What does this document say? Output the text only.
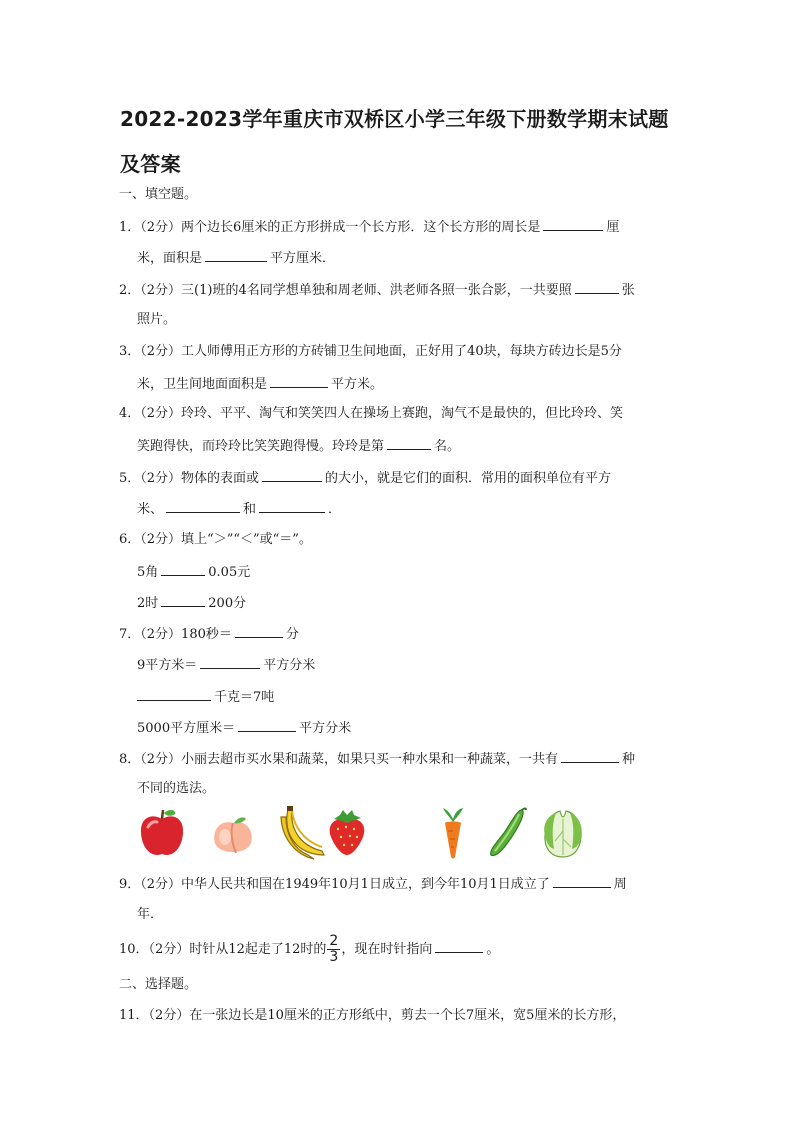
2022-2023学年重庆市双桥区小学三年级下册数学期末试题
及答案
一、填空题。
1．（2分）两个边长6厘米的正方形拼成一个长方形．这个长方形的周长是	厘
米，面积是	平方厘米．
2．（2分）三(1)班的4名同学想单独和周老师、洪老师各照一张合影，一共要照	张
照片。
3．（2分）工人师傅用正方形的方砖铺卫生间地面，正好用了40块，每块方砖边长是5分
米，卫生间地面面积是	平方米。
4．（2分）玲玲、平平、淘气和笑笑四人在操场上赛跑，淘气不是最快的，但比玲玲、笑
笑跑得快，而玲玲比笑笑跑得慢。玲玲是第	名。
5．（2分）物体的表面或	的大小，就是它们的面积．常用的面积单位有平方
米、	和	．
6．（2分）填上“＞”“＜”或“＝”。
5角	0.05元
2时	200分
7．（2分）180秒＝	分
9平方米＝	平方分米
千克＝7吨
5000平方厘米＝	平方分米
8．（2分）小丽去超市买水果和蔬菜，如果只买一种水果和一种蔬菜，一共有	种
不同的选法。
9．（2分）中华人民共和国在1949年10月1日成立，到今年10月1日成立了	周
年．
10．（2分）时针从12起走了12时的 $\frac{2}{3}$ ，现在时针指向	。
二、选择题。
11．（2分）在一张边长是10厘米的正方形纸中，剪去一个长7厘米，宽5厘米的长方形，
